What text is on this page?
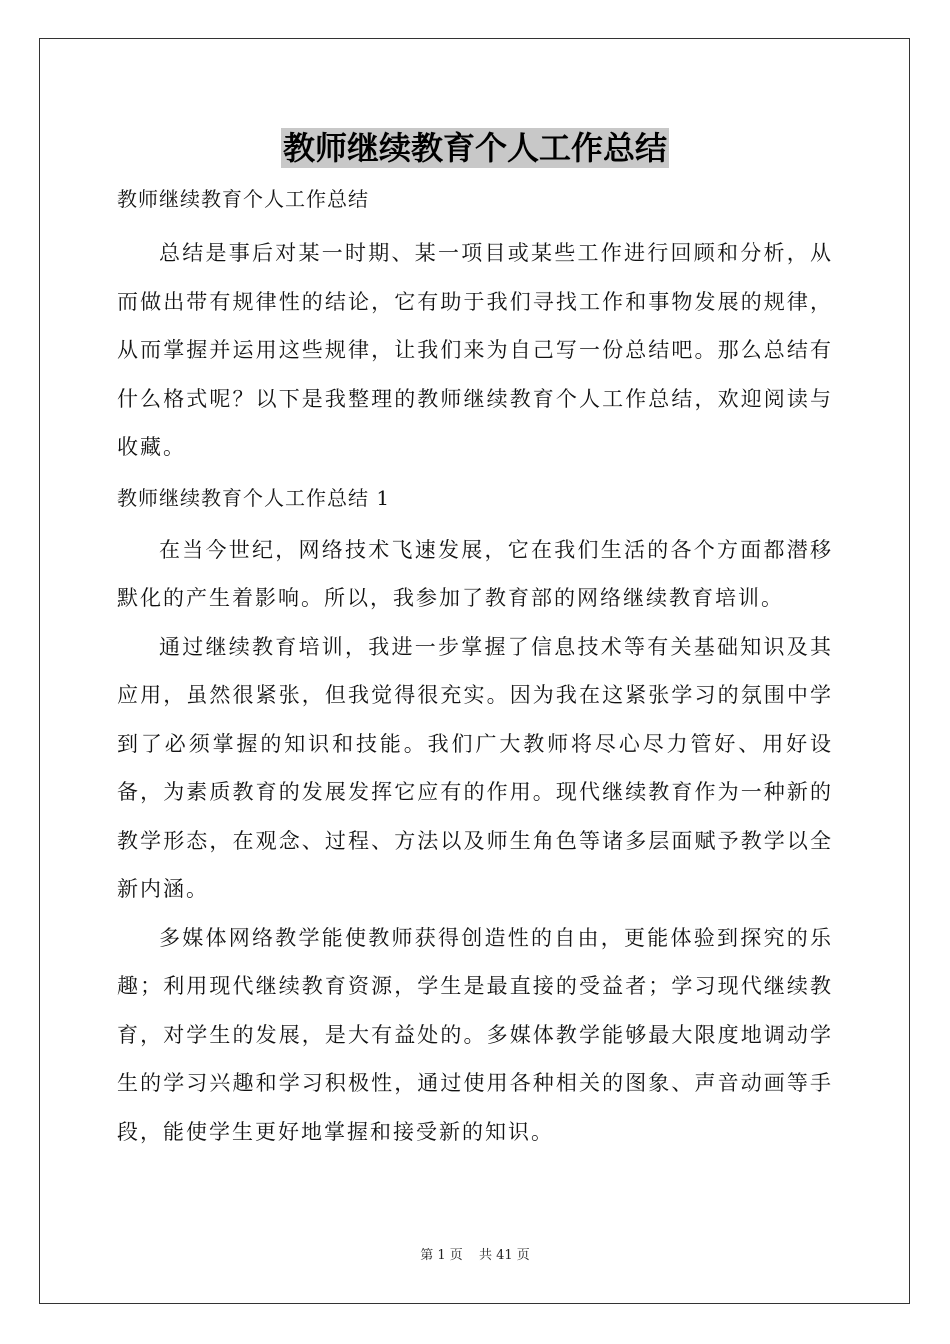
教师继续教育个人工作总结

教师继续教育个人工作总结

总结是事后对某一时期、某一项目或某些工作进行回顾和分析，从而做出带有规律性的结论，它有助于我们寻找工作和事物发展的规律，从而掌握并运用这些规律，让我们来为自己写一份总结吧。那么总结有什么格式呢？以下是我整理的教师继续教育个人工作总结，欢迎阅读与收藏。

教师继续教育个人工作总结 1

在当今世纪，网络技术飞速发展，它在我们生活的各个方面都潜移默化的产生着影响。所以，我参加了教育部的网络继续教育培训。

通过继续教育培训，我进一步掌握了信息技术等有关基础知识及其应用，虽然很紧张，但我觉得很充实。因为我在这紧张学习的氛围中学到了必须掌握的知识和技能。我们广大教师将尽心尽力管好、用好设备，为素质教育的发展发挥它应有的作用。现代继续教育作为一种新的教学形态，在观念、过程、方法以及师生角色等诸多层面赋予教学以全新内涵。

多媒体网络教学能使教师获得创造性的自由，更能体验到探究的乐趣；利用现代继续教育资源，学生是最直接的受益者；学习现代继续教育，对学生的发展，是大有益处的。多媒体教学能够最大限度地调动学生的学习兴趣和学习积极性，通过使用各种相关的图象、声音动画等手段，能使学生更好地掌握和接受新的知识。

第 1 页 共 41 页
